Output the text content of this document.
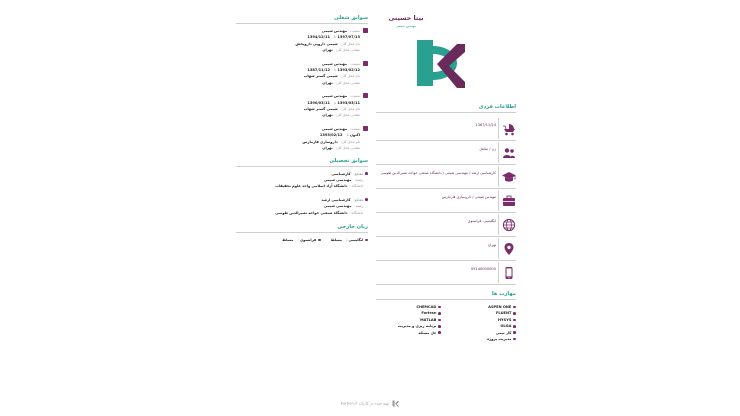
سوابق شغلی
سمت:مهندس شیمی
1397/07/13 تا 1394/12/11
نام محل کار:شیمی داروپی داروپخش
نشانی محل کار:تهران
سمت:مهندس شیمی
1393/02/12 تا 1387/11/12
نام محل کار:شیمی گستر شهاب
نشانی محل کار:تهران
سمت:مهندس شیمی
1393/03/11 تا 1390/03/11
نام محل کار:شیمی گستر شهاب
نشانی محل کار:تهران
سمت:مهندس شیمی
اکنون تا 1393/02/12
نام محل کار:داروسازی فارمارس
نشانی محل کار:تهران
سوابق تحصیلی
مقطع:کارشناسی
رشته:مهندسی شیمی
دانشگاه:دانشگاه آزاد اسلامی واحد علوم تحقیقات
مقطع:کارشناسی ارشد
رشته:مهندسی شیمی
دانشگاه:دانشگاه صنعتی خواجه نصیرالدین طوسی
زبان خارجی
انگلیسی / مسلط
فرانسوی / مسلط
بیتا حسینی
مهندس شیمی
اطلاعات فردی
1367/11/24
زن / متاهل
کارشناسی ارشد / مهندسی شیمی / دانشگاه صنعتی خواجه نصیرالدین طوسی
مهندس شیمی / داروسازی فارمارس
انگلیسی، فرانسوی
تهران
09140000000
مهارت ها
ASPEN ONE
CHEMCAD
FLUENT
Fortran
HYSYS
MATLAB
OLGA
برنامه ریزی و مدیریت
کار تیمی
حل مسئله
مدیریت پروژه
تهیه شده در کاربان karbon.ir
